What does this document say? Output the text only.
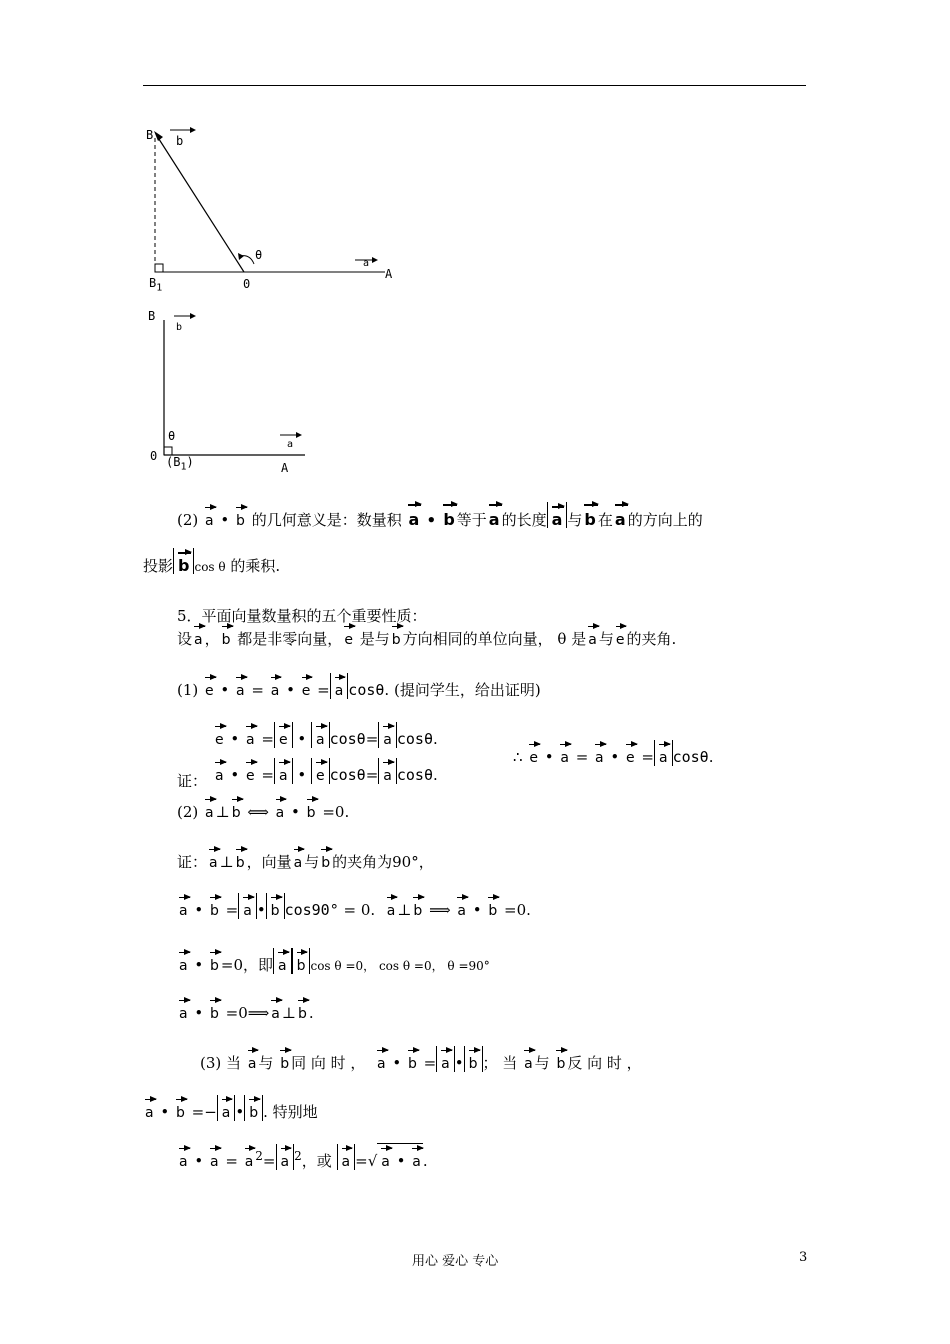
B b
θ
a
A
$B_1$	0
B
b
θ
a
0 $(B_1)$	A
(2) a • b 的几何意义是：数量积 a • b 等于 a 的长度 a 与 b 在 a 的方向上的
投影 b cos θ 的乘积.
5．平面向量数量积的五个重要性质：
设 a ， b 都是非零向量， e 是与 b 方向相同的单位向量， θ 是 a 与 e 的夹角.
(1) e • a = a • e = a cosθ. (提问学生，给出证明)
e • a = e • a cosθ= a cosθ.
证： a • e = a • e cosθ= a cosθ.
∴ e • a = a • e = a cosθ.
(2) a ⊥ b ⟺ a • b =0.
证： a ⊥ b ，向量 a 与 b 的夹角为90°，
a • b = a • b cos90° = 0.  a ⊥ b ⟹ a • b =0.
a • b =0，即 a b cos θ =0， cos θ =0， θ =90°
a • b =0⟹ a ⊥ b .
(3) 当 a 与 b 同 向 时 ， a • b = a • b ； 当 a 与 b 反 向 时 ，
a • b =− a • b . 特别地
a • a = a $^2$= a $^2$，或 a =√ a • a .
用心 爱心 专心	3
